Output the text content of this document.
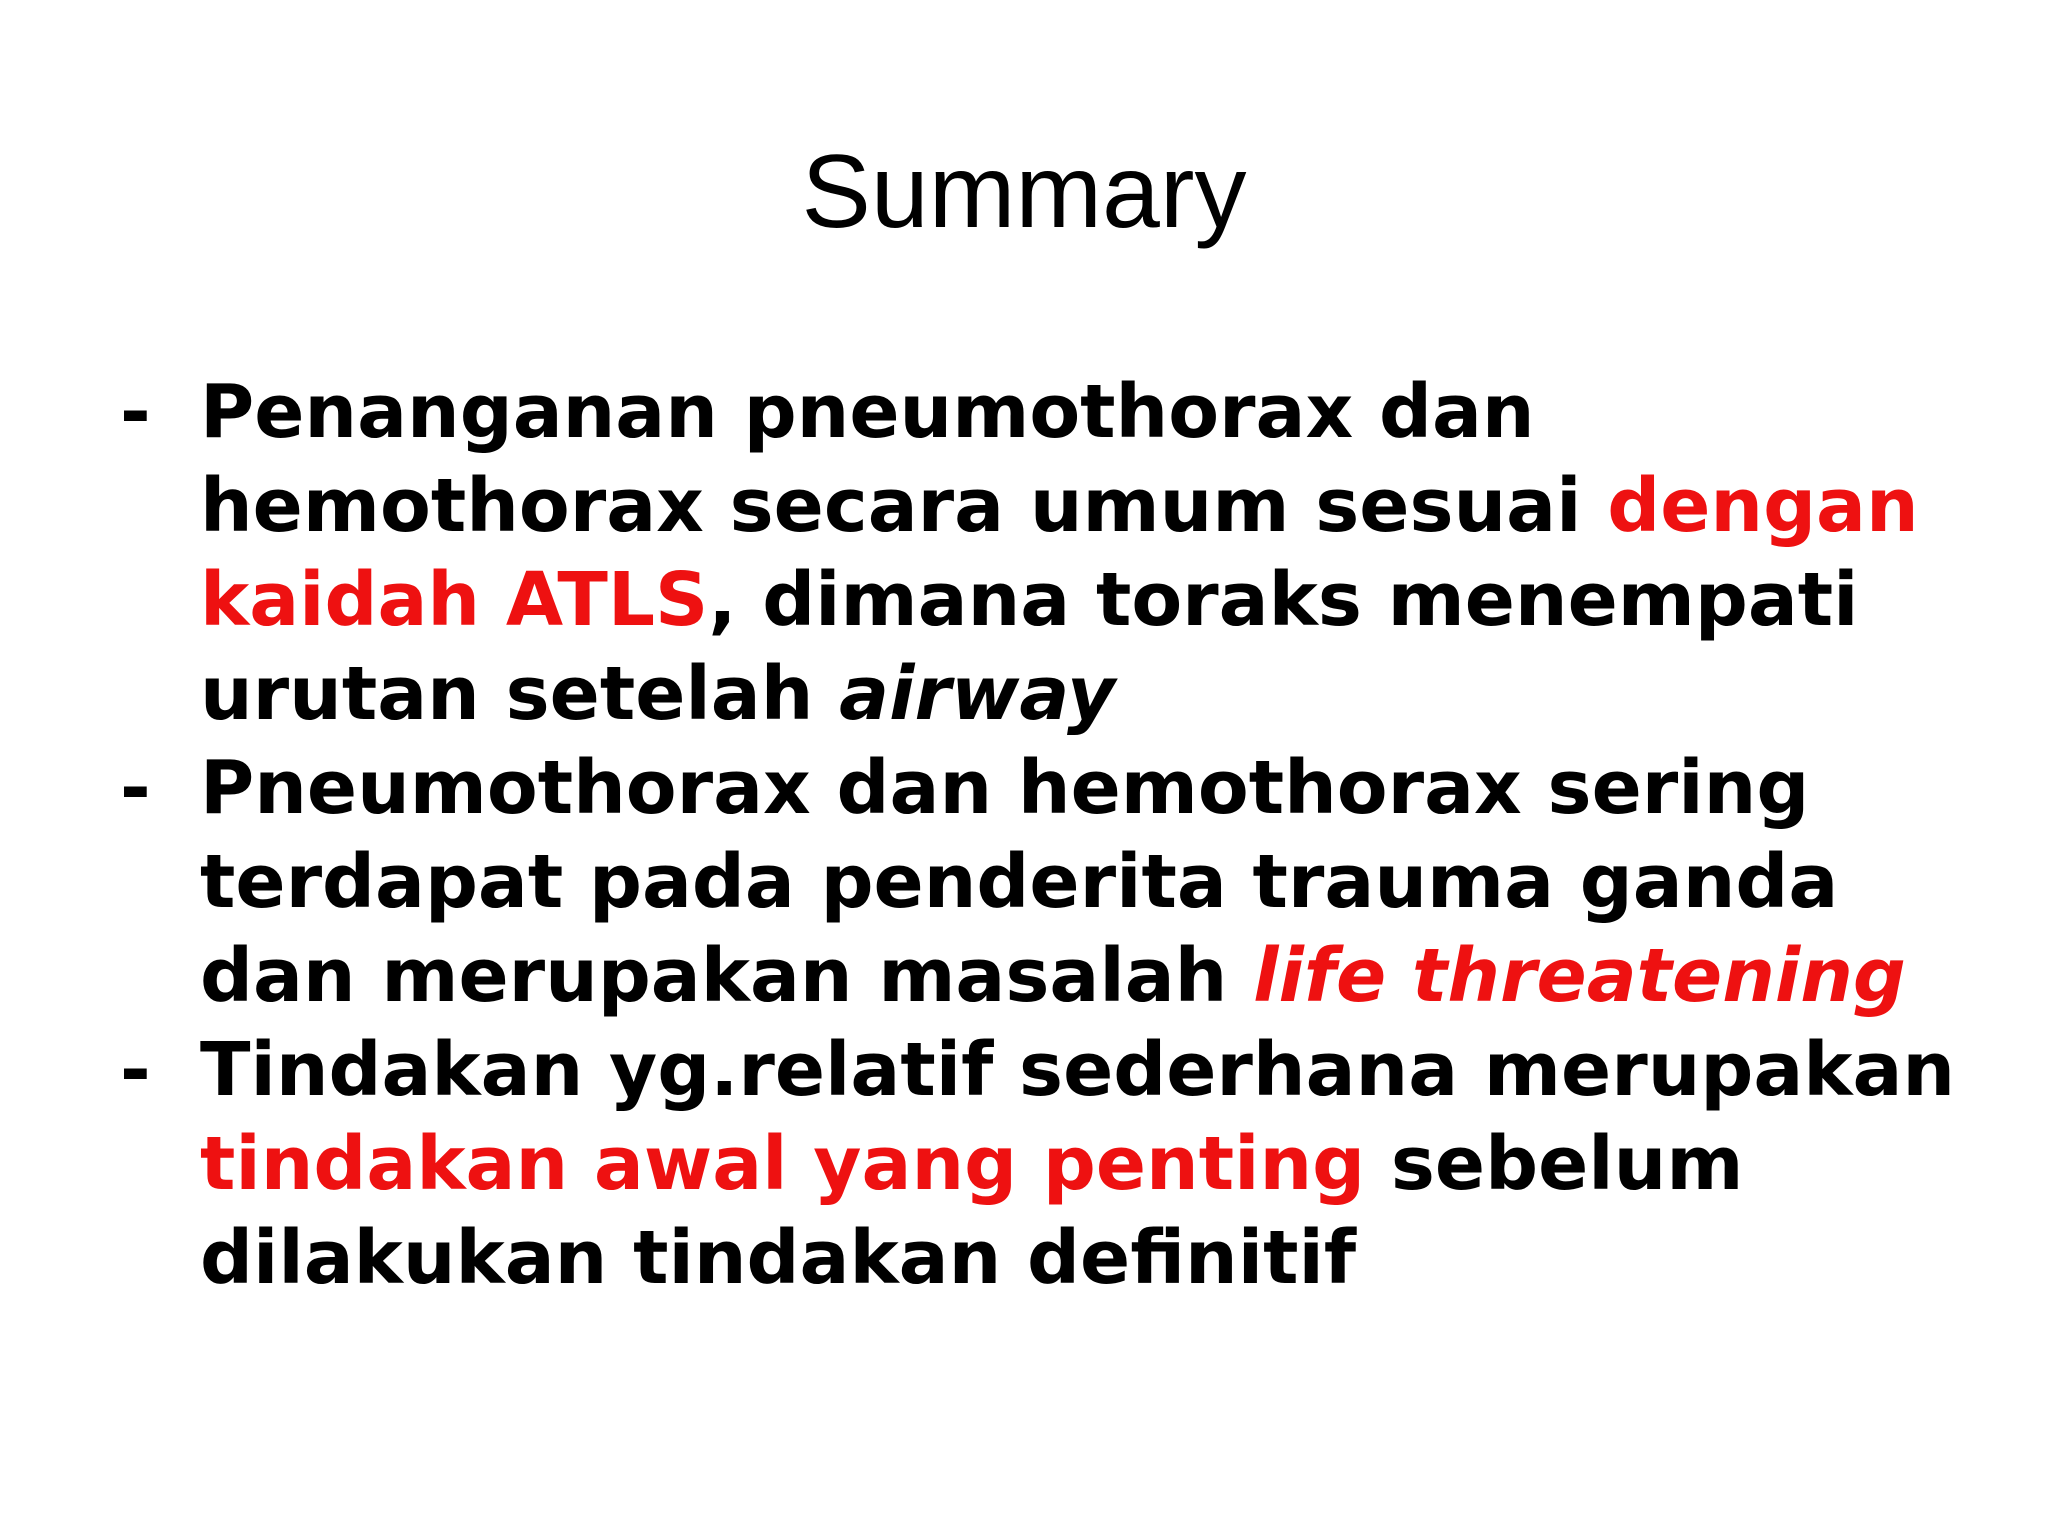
Summary
- Penanganan pneumothorax dan hemothorax secara umum sesuai dengan kaidah ATLS, dimana toraks menempati urutan setelah airway
- Pneumothorax dan hemothorax sering terdapat pada penderita trauma ganda dan merupakan masalah life threatening
- Tindakan yg.relatif sederhana merupakan tindakan awal yang penting sebelum dilakukan tindakan definitif
